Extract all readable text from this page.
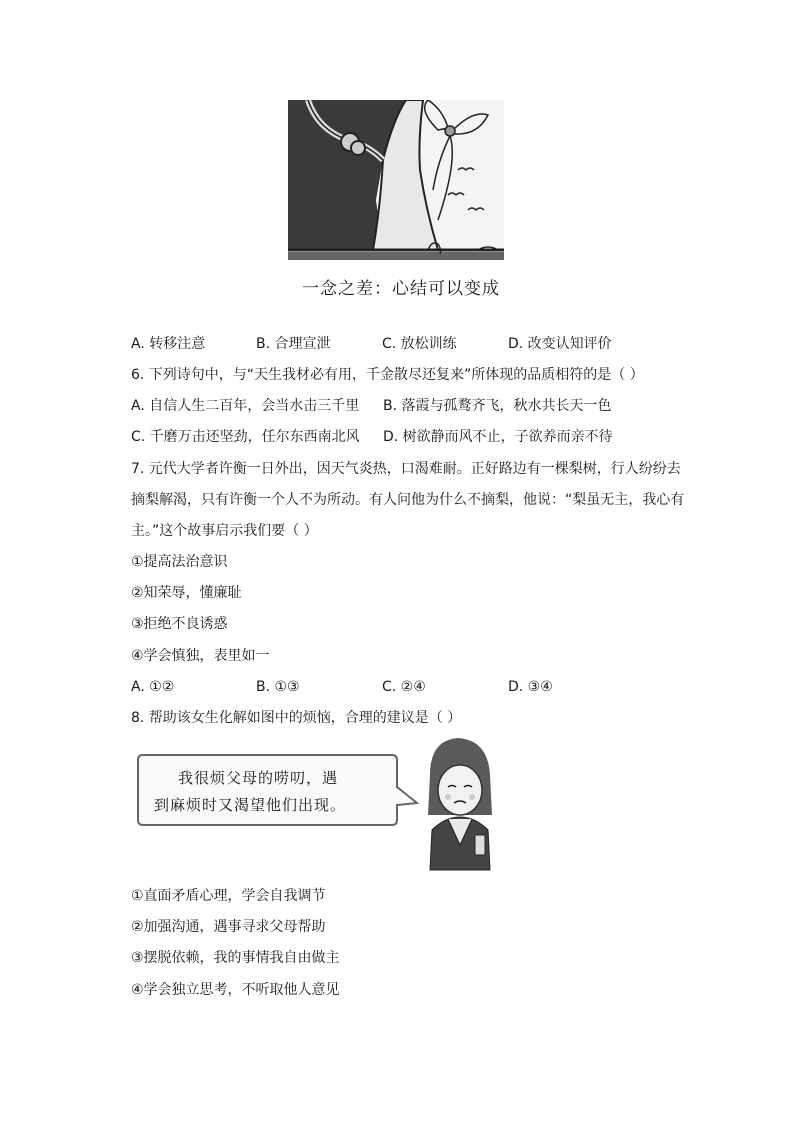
一念之差：心结可以变成
A. 转移注意	B. 合理宣泄	C. 放松训练	D. 改变认知评价
6. 下列诗句中，与“天生我材必有用，千金散尽还复来”所体现的品质相符的是（ ）
A. 自信人生二百年，会当水击三千里 B. 落霞与孤鹜齐飞，秋水共长天一色
C. 千磨万击还坚劲，任尔东西南北风 D. 树欲静而风不止，子欲养而亲不待
7. 元代大学者许衡一日外出，因天气炎热，口渴难耐。正好路边有一棵梨树，行人纷纷去
摘梨解渴，只有许衡一个人不为所动。有人问他为什么不摘梨，他说：“梨虽无主，我心有
主。”这个故事启示我们要（ ）
①提高法治意识
②知荣辱，懂廉耻
③拒绝不良诱惑
④学会慎独，表里如一
A. ①②	B. ①③	C. ②④	D. ③④
8. 帮助该女生化解如图中的烦恼，合理的建议是（ ）
我很烦父母的唠叨，遇
到麻烦时又渴望他们出现。
①直面矛盾心理，学会自我调节
②加强沟通，遇事寻求父母帮助
③摆脱依赖，我的事情我自由做主
④学会独立思考，不听取他人意见
